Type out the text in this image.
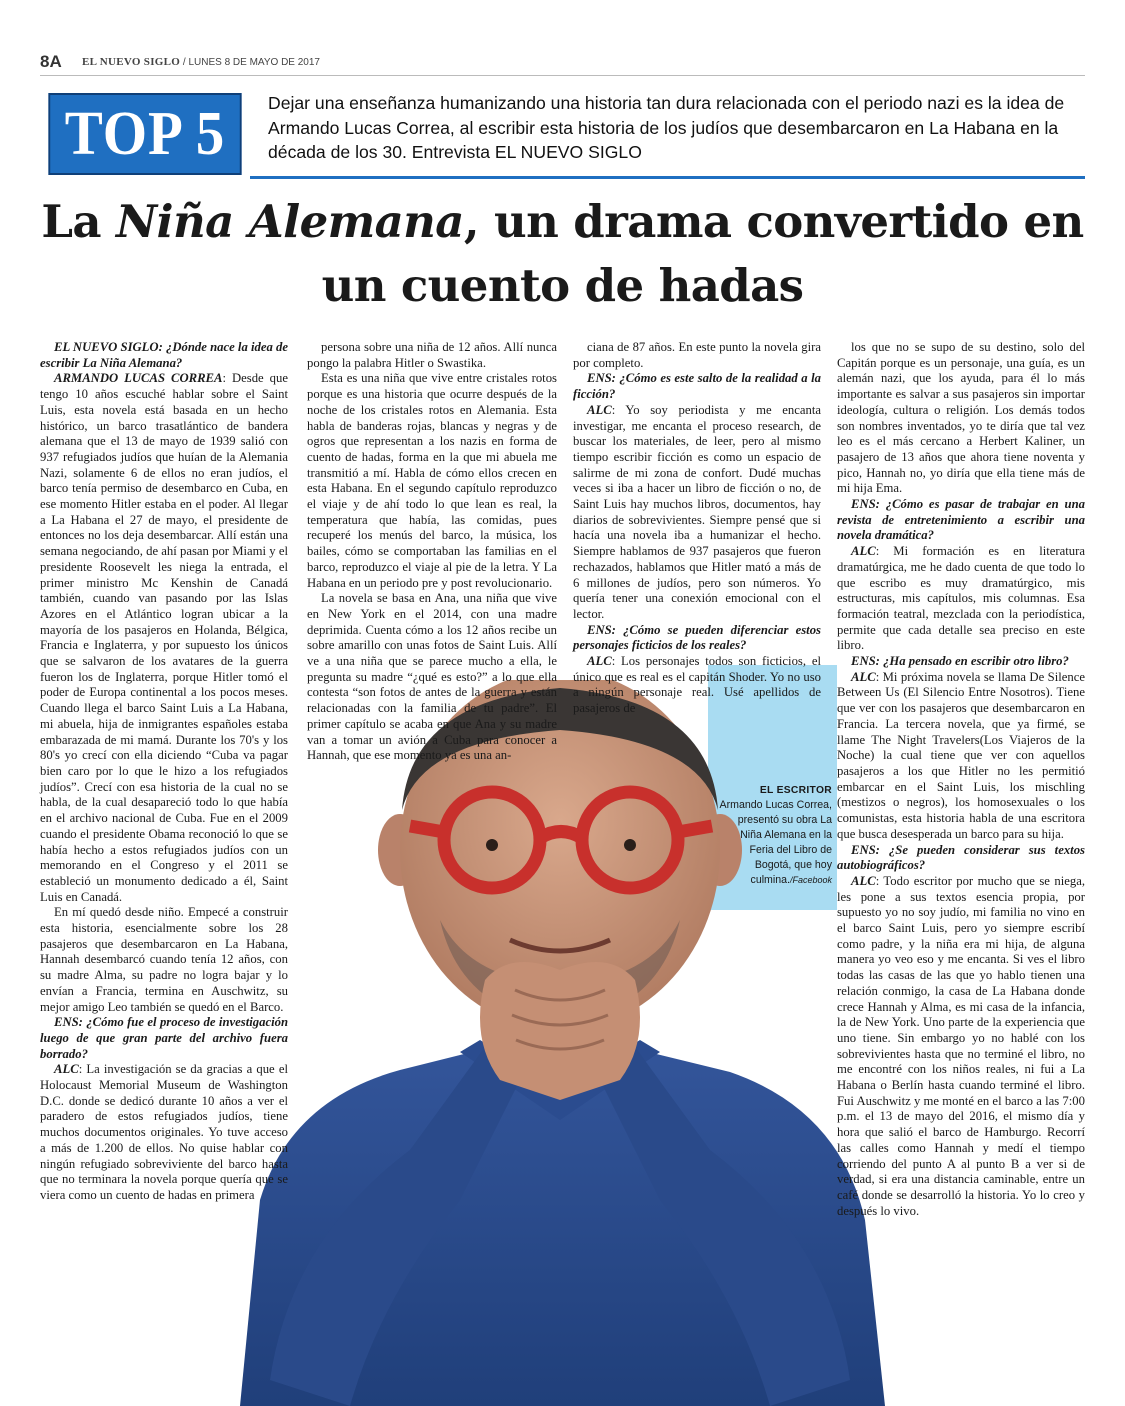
8A EL NUEVO SIGLO / LUNES 8 DE MAYO DE 2017
TOP 5	Dejar una enseñanza humanizando una historia tan dura relacionada con el periodo nazi es la idea de Armando Lucas Correa, al escribir esta historia de los judíos que desembarcaron en La Habana en la década de los 30. Entrevista EL NUEVO SIGLO
La Niña Alemana, un drama convertido en un cuento de hadas
EL ESCRITOR
Armando Lucas Correa, presentó su obra La Niña Alemana en la Feria del Libro de Bogotá, que hoy culmina./Facebook

EL NUEVO SIGLO: ¿Dónde nace la idea de escribir La Niña Alemana?

ARMANDO LUCAS CORREA: Desde que tengo 10 años escuché hablar sobre el Saint Luis, esta novela está basada en un hecho histórico, un barco trasatlántico de bandera alemana que el 13 de mayo de 1939 salió con 937 refugiados judíos que huían de la Alemania Nazi, solamente 6 de ellos no eran judíos, el barco tenía permiso de desembarco en Cuba, en ese momento Hitler estaba en el poder. Al llegar a La Habana el 27 de mayo, el presidente de entonces no los deja desembarcar. Allí están una semana negociando, de ahí pasan por Miami y el presidente Roosevelt les niega la entrada, el primer ministro Mc Kenshin de Canadá también, cuando van pasando por las Islas Azores en el Atlántico logran ubicar a la mayoría de los pasajeros en Holanda, Bélgica, Francia e Inglaterra, y por supuesto los únicos que se salvaron de los avatares de la guerra fueron los de Inglaterra, porque Hitler tomó el poder de Europa continental a los pocos meses. Cuando llega el barco Saint Luis a La Habana, mi abuela, hija de inmigrantes españoles estaba embarazada de mi mamá. Durante los 70's y los 80's yo crecí con ella diciendo “Cuba va pagar bien caro por lo que le hizo a los refugiados judíos”. Crecí con esa historia de la cual no se habla, de la cual desapareció todo lo que había en el archivo nacional de Cuba. Fue en el 2009 cuando el presidente Obama reconoció lo que se había hecho a estos refugiados judíos con un memorando en el Congreso y el 2011 se estableció un monumento dedicado a él, Saint Luis en Canadá.

En mí quedó desde niño. Empecé a construir esta historia, esencialmente sobre los 28 pasajeros que desembarcaron en La Habana, Hannah desembarcó cuando tenía 12 años, con su madre Alma, su padre no logra bajar y lo envían a Francia, termina en Auschwitz, su mejor amigo Leo también se quedó en el Barco.

ENS: ¿Cómo fue el proceso de investigación luego de que gran parte del archivo fuera borrado?

ALC: La investigación se da gracias a que el Holocaust Memorial Museum de Washington D.C. donde se dedicó durante 10 años a ver el paradero de estos refugiados judíos, tiene muchos documentos originales. Yo tuve acceso a más de 1.200 de ellos. No quise hablar con ningún refugiado sobreviviente del barco hasta que no terminara la novela porque quería que se viera como un cuento de hadas en primera

persona sobre una niña de 12 años. Allí nunca pongo la palabra Hitler o Swastika.

Esta es una niña que vive entre cristales rotos porque es una historia que ocurre después de la noche de los cristales rotos en Alemania. Esta habla de banderas rojas, blancas y negras y de ogros que representan a los nazis en forma de cuento de hadas, forma en la que mi abuela me transmitió a mí. Habla de cómo ellos crecen en esta Habana. En el segundo capítulo reproduzco el viaje y de ahí todo lo que lean es real, la temperatura que había, las comidas, pues recuperé los menús del barco, la música, los bailes, cómo se comportaban las familias en el barco, reproduzco el viaje al pie de la letra. Y La Habana en un periodo pre y post revolucionario.

La novela se basa en Ana, una niña que vive en New York en el 2014, con una madre deprimida. Cuenta cómo a los 12 años recibe un sobre amarillo con unas fotos de Saint Luis. Allí ve a una niña que se parece mucho a ella, le pregunta su madre “¿qué es esto?” a lo que ella contesta “son fotos de antes de la guerra y están relacionadas con la familia de tu padre”. El primer capítulo se acaba en que Ana y su madre van a tomar un avión a Cuba para conocer a Hannah, que ese momento ya es una an-

ciana de 87 años. En este punto la novela gira por completo.

ENS: ¿Cómo es este salto de la realidad a la ficción?

ALC: Yo soy periodista y me encanta investigar, me encanta el proceso research, de buscar los materiales, de leer, pero al mismo tiempo escribir ficción es como un espacio de salirme de mi zona de confort. Dudé muchas veces si iba a hacer un libro de ficción o no, de Saint Luis hay muchos libros, documentos, hay diarios de sobrevivientes. Siempre pensé que si hacía una novela iba a humanizar el hecho. Siempre hablamos de 937 pasajeros que fueron rechazados, hablamos que Hitler mató a más de 6 millones de judíos, pero son números. Yo quería tener una conexión emocional con el lector.

ENS: ¿Cómo se pueden diferenciar estos personajes ficticios de los reales?

ALC: Los personajes todos son ficticios, el único que es real es el capitán Shoder. Yo no uso a ningún personaje real. Usé apellidos de pasajeros de

los que no se supo de su destino, solo del Capitán porque es un personaje, una guía, es un alemán nazi, que los ayuda, para él lo más importante es salvar a sus pasajeros sin importar ideología, cultura o religión. Los demás todos son nombres inventados, yo te diría que tal vez leo es el más cercano a Herbert Kaliner, un pasajero de 13 años que ahora tiene noventa y pico, Hannah no, yo diría que ella tiene más de mi hija Ema.

ENS: ¿Cómo es pasar de trabajar en una revista de entretenimiento a escribir una novela dramática?

ALC: Mi formación es en literatura dramatúrgica, me he dado cuenta de que todo lo que escribo es muy dramatúrgico, mis estructuras, mis capítulos, mis columnas. Esa formación teatral, mezclada con la periodística, permite que cada detalle sea preciso en este libro.

ENS: ¿Ha pensado en escribir otro libro?

ALC: Mi próxima novela se llama De Silence Between Us (El Silencio Entre Nosotros). Tiene que ver con los pasajeros que desembarcaron en Francia. La tercera novela, que ya firmé, se llame The Night Travelers(Los Viajeros de la Noche) la cual tiene que ver con aquellos pasajeros a los que Hitler no les permitió embarcar en el Saint Luis, los mischling (mestizos o negros), los homosexuales o los comunistas, esta historia habla de una escritora que busca desesperada un barco para su hija.

ENS: ¿Se pueden considerar sus textos autobiográficos?

ALC: Todo escritor por mucho que se niega, les pone a sus textos esencia propia, por supuesto yo no soy judío, mi familia no vino en el barco Saint Luis, pero yo siempre escribí como padre, y la niña era mi hija, de alguna manera yo veo eso y me encanta. Si ves el libro todas las casas de las que yo hablo tienen una relación conmigo, la casa de La Habana donde crece Hannah y Alma, es mi casa de la infancia, la de New York. Uno parte de la experiencia que uno tiene. Sin embargo yo no hablé con los sobrevivientes hasta que no terminé el libro, no me encontré con los niños reales, ni fui a La Habana o Berlín hasta cuando terminé el libro. Fui Auschwitz y me monté en el barco a las 7:00 p.m. el 13 de mayo del 2016, el mismo día y hora que salió el barco de Hamburgo. Recorrí las calles como Hannah y medí el tiempo corriendo del punto A al punto B a ver si de verdad, si era una distancia caminable, entre un café donde se desarrolló la historia. Yo lo creo y después lo vivo.
